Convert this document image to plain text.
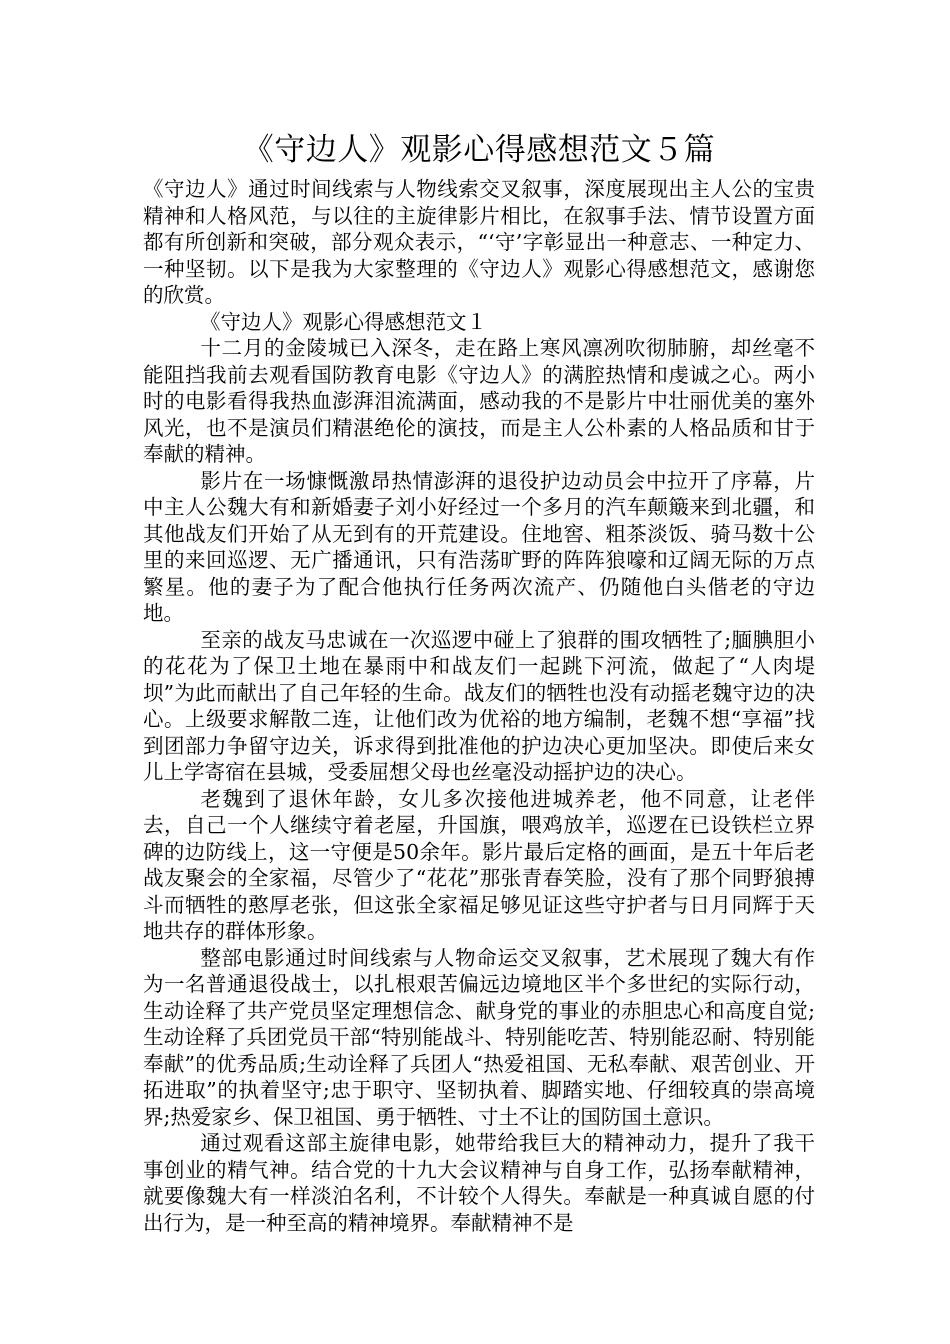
《守边人》观影心得感想范文５篇

《守边人》通过时间线索与人物线索交叉叙事，深度展现出主人公的宝贵精神和人格风范，与以往的主旋律影片相比，在叙事手法、情节设置方面都有所创新和突破，部分观众表示，“‘守’字彰显出一种意志、一种定力、一种坚韧。以下是我为大家整理的《守边人》观影心得感想范文，感谢您的欣赏。

《守边人》观影心得感想范文１

十二月的金陵城已入深冬，走在路上寒风凛冽吹彻肺腑，却丝毫不能阻挡我前去观看国防教育电影《守边人》的满腔热情和虔诚之心。两小时的电影看得我热血澎湃泪流满面，感动我的不是影片中壮丽优美的塞外风光，也不是演员们精湛绝伦的演技，而是主人公朴素的人格品质和甘于奉献的精神。

影片在一场慷慨激昂热情澎湃的退役护边动员会中拉开了序幕，片中主人公魏大有和新婚妻子刘小好经过一个多月的汽车颠簸来到北疆，和其他战友们开始了从无到有的开荒建设。住地窖、粗茶淡饭、骑马数十公里的来回巡逻、无广播通讯，只有浩荡旷野的阵阵狼嚎和辽阔无际的万点繁星。他的妻子为了配合他执行任务两次流产、仍随他白头偕老的守边地。

至亲的战友马忠诚在一次巡逻中碰上了狼群的围攻牺牲了;腼腆胆小的花花为了保卫土地在暴雨中和战友们一起跳下河流，做起了“人肉堤坝”为此而献出了自己年轻的生命。战友们的牺牲也没有动摇老魏守边的决心。上级要求解散二连，让他们改为优裕的地方编制，老魏不想“享福”找到团部力争留守边关，诉求得到批准他的护边决心更加坚决。即使后来女儿上学寄宿在县城，受委屈想父母也丝毫没动摇护边的决心。

老魏到了退休年龄，女儿多次接他进城养老，他不同意，让老伴去，自己一个人继续守着老屋，升国旗，喂鸡放羊，巡逻在已设铁栏立界碑的边防线上，这一守便是50余年。影片最后定格的画面，是五十年后老战友聚会的全家福，尽管少了“花花”那张青春笑脸，没有了那个同野狼搏斗而牺牲的憨厚老张，但这张全家福足够见证这些守护者与日月同辉于天地共存的群体形象。

整部电影通过时间线索与人物命运交叉叙事，艺术展现了魏大有作为一名普通退役战士，以扎根艰苦偏远边境地区半个多世纪的实际行动，生动诠释了共产党员坚定理想信念、献身党的事业的赤胆忠心和高度自觉;生动诠释了兵团党员干部“特别能战斗、特别能吃苦、特别能忍耐、特别能奉献”的优秀品质;生动诠释了兵团人“热爱祖国、无私奉献、艰苦创业、开拓进取”的执着坚守;忠于职守、坚韧执着、脚踏实地、仔细较真的崇高境界;热爱家乡、保卫祖国、勇于牺牲、寸土不让的国防国土意识。

通过观看这部主旋律电影，她带给我巨大的精神动力，提升了我干事创业的精气神。结合党的十九大会议精神与自身工作，弘扬奉献精神，就要像魏大有一样淡泊名利，不计较个人得失。奉献是一种真诚自愿的付出行为，是一种至高的精神境界。奉献精神不是
